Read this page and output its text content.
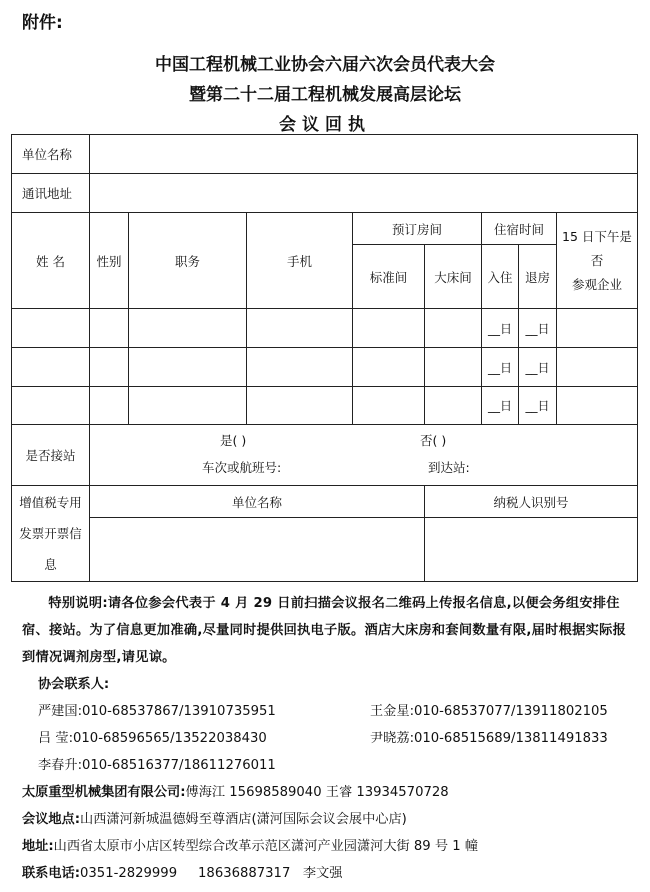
附件:
中国工程机械工业协会六届六次会员代表大会
暨第二十二届工程机械发展高层论坛
会议回执
单位名称								
通讯地址								
姓 名	性别	职务	手机	预订房间		住宿时间		15 日下午是
否
参观企业

				标准间	大床间	入住	退房	
						__日	__日	
						__日	__日	
						__日	__日	
是否接站	是( ) 否( )
车次或航班号: 到达站:							

增值税专用
发票开票信
息	单位名称				纳税人识别号			

特别说明:请各位参会代表于 4 月 29 日前扫描会议报名二维码上传报名信息,以便会务组安排住宿、接站。为了信息更加准确,尽量同时提供回执电子版。酒店大床房和套间数量有限,届时根据实际报到情况调剂房型,请见谅。
协会联系人:
严建国:010-68537867/13910735951	王金星:010-68537077/13911802105
吕 莹:010-68596565/13522038430	尹晓荔:010-68515689/13811491833
李春升:010-68516377/18611276011
太原重型机械集团有限公司:傅海江 15698589040 王睿 13934570728
会议地点:山西潇河新城温德姆至尊酒店(潇河国际会议会展中心店)
地址:山西省太原市小店区转型综合改革示范区潇河产业园潇河大街 89 号 1 幢
联系电话:0351-2829999     18636887317   李文强
